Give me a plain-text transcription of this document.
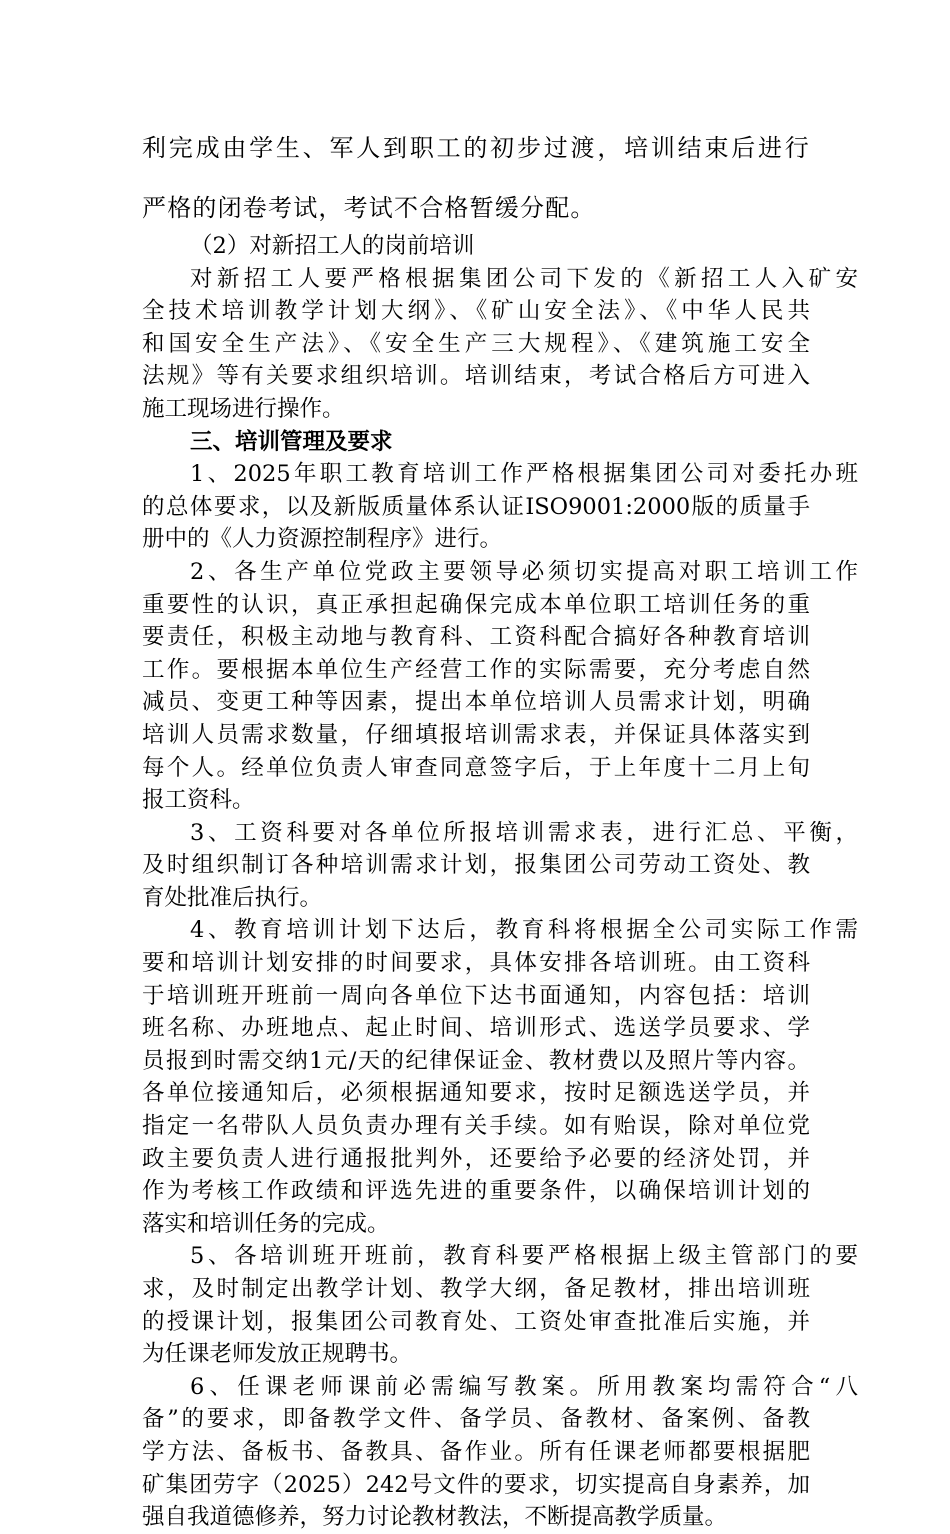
利完成由学生、军人到职工的初步过渡，培训结束后进行
严格的闭卷考试，考试不合格暂缓分配。
（2）对新招工人的岗前培训
对新招工人要严格根据集团公司下发的《新招工人入矿安
全技术培训教学计划大纲》、《矿山安全法》、《中华人民共
和国安全生产法》、《安全生产三大规程》、《建筑施工安全
法规》等有关要求组织培训。培训结束，考试合格后方可进入
施工现场进行操作。
三、培训管理及要求
1、2025年职工教育培训工作严格根据集团公司对委托办班
的总体要求，以及新版质量体系认证ISO9001:2000版的质量手
册中的《人力资源控制程序》进行。
2、各生产单位党政主要领导必须切实提高对职工培训工作
重要性的认识，真正承担起确保完成本单位职工培训任务的重
要责任，积极主动地与教育科、工资科配合搞好各种教育培训
工作。要根据本单位生产经营工作的实际需要，充分考虑自然
减员、变更工种等因素，提出本单位培训人员需求计划，明确
培训人员需求数量，仔细填报培训需求表，并保证具体落实到
每个人。经单位负责人审查同意签字后，于上年度十二月上旬
报工资科。
3、工资科要对各单位所报培训需求表，进行汇总、平衡，
及时组织制订各种培训需求计划，报集团公司劳动工资处、教
育处批准后执行。
4、教育培训计划下达后，教育科将根据全公司实际工作需
要和培训计划安排的时间要求，具体安排各培训班。由工资科
于培训班开班前一周向各单位下达书面通知，内容包括：培训
班名称、办班地点、起止时间、培训形式、选送学员要求、学
员报到时需交纳1元/天的纪律保证金、教材费以及照片等内容。
各单位接通知后，必须根据通知要求，按时足额选送学员，并
指定一名带队人员负责办理有关手续。如有贻误，除对单位党
政主要负责人进行通报批判外，还要给予必要的经济处罚，并
作为考核工作政绩和评选先进的重要条件，以确保培训计划的
落实和培训任务的完成。
5、各培训班开班前，教育科要严格根据上级主管部门的要
求，及时制定出教学计划、教学大纲，备足教材，排出培训班
的授课计划，报集团公司教育处、工资处审查批准后实施，并
为任课老师发放正规聘书。
6、任课老师课前必需编写教案。所用教案均需符合“八
备”的要求，即备教学文件、备学员、备教材、备案例、备教
学方法、备板书、备教具、备作业。所有任课老师都要根据肥
矿集团劳字（2025）242号文件的要求，切实提高自身素养，加
强自我道德修养，努力讨论教材教法，不断提高教学质量。
